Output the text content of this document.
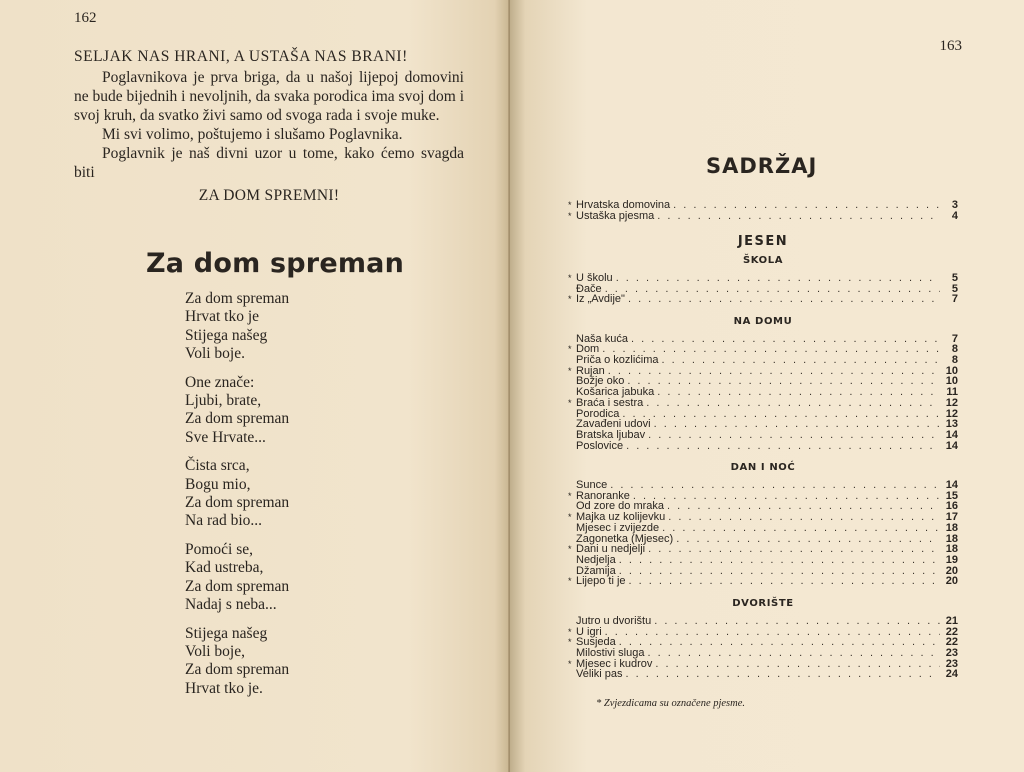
162
SELJAK NAS HRANI, A USTAŠA NAS BRANI!

Poglavnikova je prva briga, da u našoj lijepoj domovini ne bude bijednih i nevoljnih, da svaka porodica ima svoj dom i svoj kruh, da svatko živi samo od svoga rada i svoje muke.

Mi svi volimo, poštujemo i slušamo Poglavnika.

Poglavnik je naš divni uzor u tome, kako ćemo svagda biti

ZA DOM SPREMNI!

Za dom spreman
Za dom spreman
Hrvat tko je
Stijega našeg
Voli boje.
One znače:
Ljubi, brate,
Za dom spreman
Sve Hrvate...
Čista srca,
Bogu mio,
Za dom spreman
Na rad bio...
Pomoći se,
Kad ustreba,
Za dom spreman
Nadaj s neba...
Stijega našeg
Voli boje,
Za dom spreman
Hrvat tko je.
163
SADRŽAJ
* Hrvatska domovina . . .	3
* Ustaška pjesma . . .	4
JESEN
ŠKOLA
* U školu . . .	5
Đače . . .	5
* Iz „Avdije" . . .	7
NA DOMU
Naša kuća . . .	7
* Dom . . .	8
Priča o kozlićima . . .	8
* Rujan . . .	10
Božje oko . . .	10
Košarica jabuka . . .	11
* Braća i sestra . . .	12
Porodica . . .	12
Zavađeni udovi . . .	13
Bratska ljubav . . .	14
Poslovice . . .	14
DAN I NOĆ
Sunce . . .	14
* Ranoranke . . .	15
Od zore do mraka . . .	16
* Majka uz kolijevku . . .	17
Mjesec i zvijezde . . .	18
Zagonetka (Mjesec) . . .	18
* Dani u nedjelji . . .	18
Nedjelja . . .	19
Džamija . . .	20
* Lijepo ti je . . .	20
DVORIŠTE
Jutro u dvorištu . . .	21
* U igri . . .	22
* Susjeda . . .	22
Milostivi sluga . . .	23
* Mjesec i kudrov . . .	23
Veliki pas . . .	24
* Zvjezdicama su označene pjesme.
